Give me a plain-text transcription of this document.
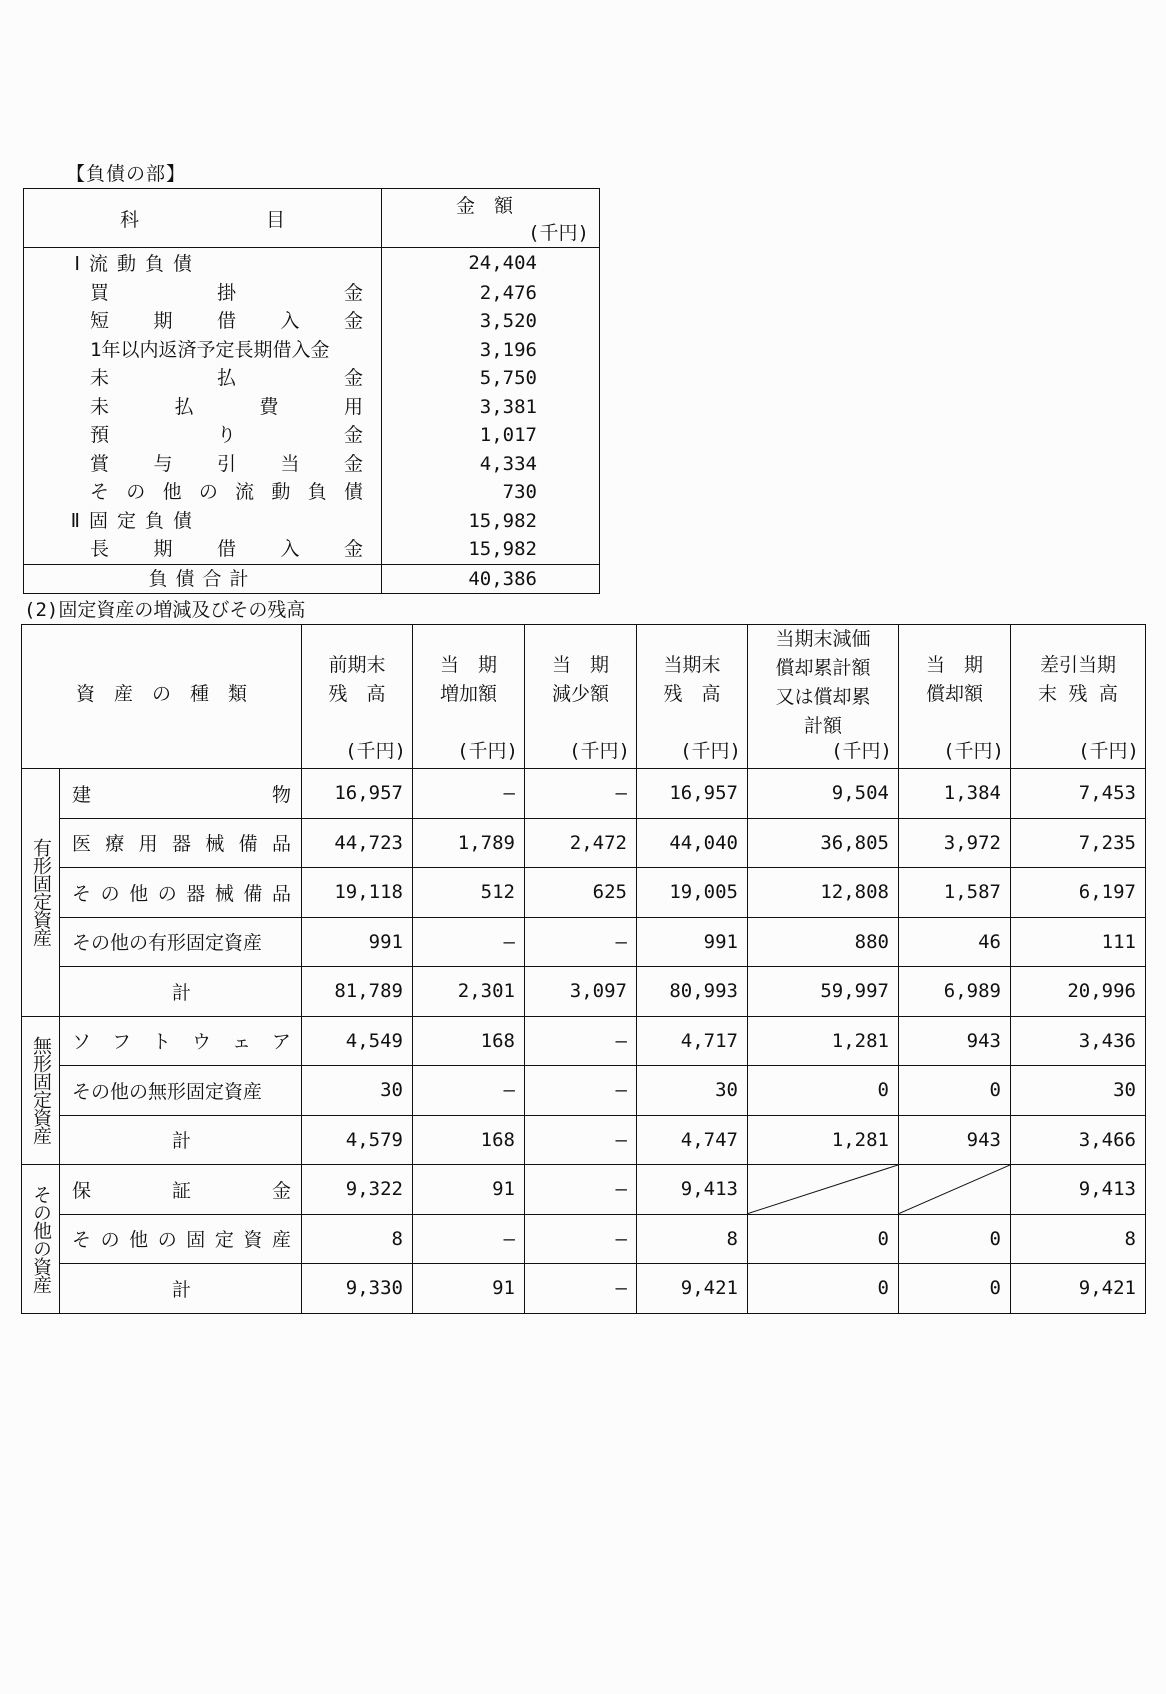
【負債の部】
科	目

金　額
(千円)

Ⅰ 流動負債	24,404

買 掛 金	2,476

短 期 借 入 金	3,520

1年以内返済予定長期借入金	3,196

未 払 金	5,750

未 払 費 用	3,381

預 り 金	1,017

賞 与 引 当 金	4,334

そ の 他 の 流 動 負 債	730

Ⅱ 固定負債	15,982

長 期 借 入 金	15,982
負債合計	40,386
(2)固定資産の増減及びその残高
資　産　の　種　類

前期末
残　高
(千円)

当　期
増加額
(千円)

当　期
減少額
(千円)

当期末
残　高
(千円)

当期末減価
償却累計額
又は償却累
計額
(千円)

当　期
償却額
(千円)

差引当期
末 残 高
(千円)

有形固定資産	建 物	16,957	―	―	16,957	9,504	1,384	7,453

医 療 用 器 械 備 品	44,723	1,789	2,472	44,040	36,805	3,972	7,235

そ の 他 の 器 械 備 品	19,118	512	625	19,005	12,808	1,587	6,197
	その他の有形固定資産	991	―	―	991	880	46	111
	計	81,789	2,301	3,097	80,993	59,997	6,989	20,996

無形固定資産	ソ フ ト ウ ェ ア	4,549	168	―	4,717	1,281	943	3,436
	その他の無形固定資産	30	―	―	30	0	0	30
	計	4,579	168	―	4,747	1,281	943	3,466

その他の資産	保 証 金	9,322	91	―	9,413			9,413

そ の 他 の 固 定 資 産	8	―	―	8	0	0	8
	計	9,330	91	―	9,421	0	0	9,421
